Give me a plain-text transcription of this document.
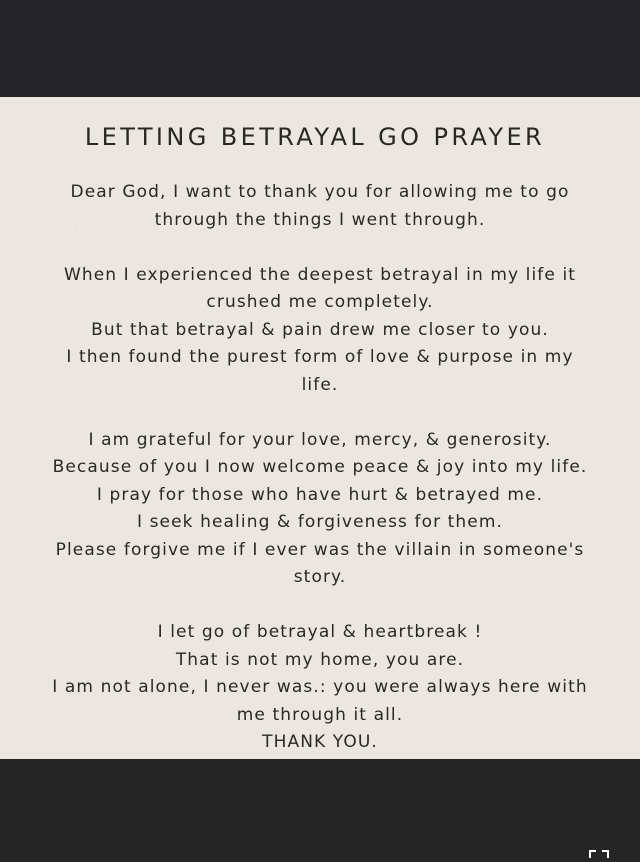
LETTING BETRAYAL GO PRAYER
Dear God, I want to thank you for allowing me to go
through the things I went through.
When I experienced the deepest betrayal in my life it
crushed me completely.
But that betrayal & pain drew me closer to you.
I then found the purest form of love & purpose in my
life.
I am grateful for your love, mercy, & generosity.
Because of you I now welcome peace & joy into my life.
I pray for those who have hurt & betrayed me.
I seek healing & forgiveness for them.
Please forgive me if I ever was the villain in someone's
story.
I let go of betrayal & heartbreak !
That is not my home, you are.
I am not alone, I never was.: you were always here with
me through it all.
THANK YOU.
